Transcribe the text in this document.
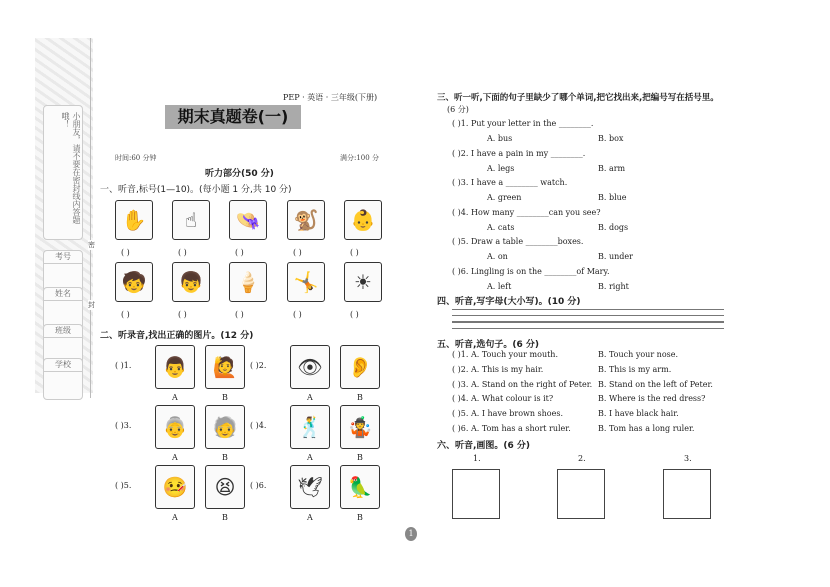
小朋友，请不要在密封线内答题哦！
密
封
考号
姓名
班级
学校
PEP · 英语 · 三年级(下册)
期末真题卷(一)
时间:60 分钟	满分:100 分
听力部分(50 分)
一、听音,标号(1—10)。(每小题 1 分,共 10 分)
✋
( )
☝
( )
👒
( )
🐒
( )
👶
( )
🧒
( )
👦
( )
🍦
( )
🤸
( )
☀
( )
二、听录音,找出正确的图片。(12 分)
( )1.	👨	🙋
A	B
( )2.	👁	👂
A	B
( )3.	👵	🧓
A	B
( )4.	🕺	🤹
A	B
( )5.	🤒	😫
A	B
( )6.	🕊	🦜
A	B
三、听一听,下面的句子里缺少了哪个单词,把它找出来,把编号写在括号里。
(6 分)
( )1. Put your letter in the ________.
A. bus	B. box
( )2. I have a pain in my ________.
A. legs	B. arm
( )3. I have a ________ watch.
A. green	B. blue
( )4. How many ________can you see?
A. cats	B. dogs
( )5. Draw a table ________boxes.
A. on	B. under
( )6. Lingling is on the ________of Mary.
A. left	B. right
四、听音,写字母(大小写)。(10 分)
五、听音,选句子。(6 分)
( )1. A. Touch your mouth.	B. Touch your nose.
( )2. A. This is my hair.	B. This is my arm.
( )3. A. Stand on the right of Peter. B. Stand on the left of Peter.
( )4. A. What colour is it?	B. Where is the red dress?
( )5. A. I have brown shoes.	B. I have black hair.
( )6. A. Tom has a short ruler.	B. Tom has a long ruler.
六、听音,画图。(6 分)
1.	2.	3.
1
